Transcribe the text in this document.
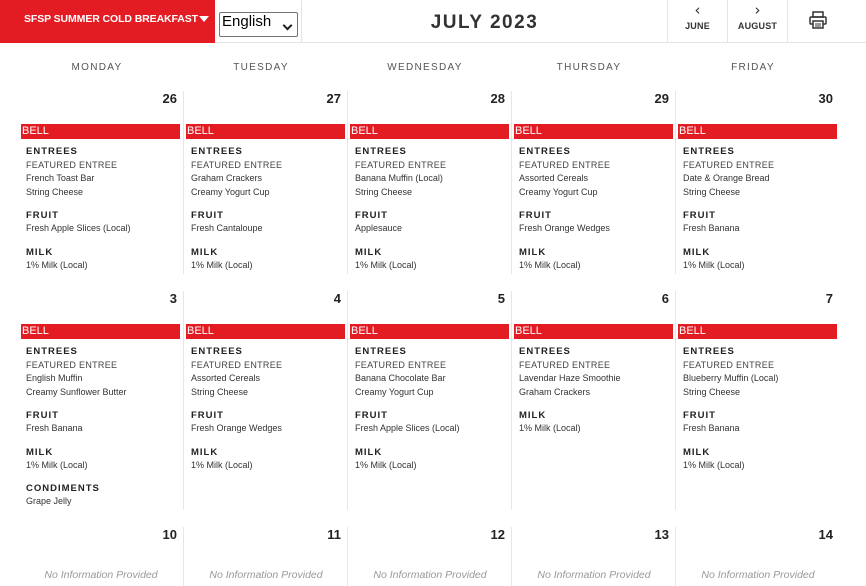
SFSP SUMMER COLD BREAKFAST English	JULY 2023
‹
JUNE
›
AUGUST
MONDAY	TUESDAY	WEDNESDAY	THURSDAY	FRIDAY
26
BELL
ENTREES
FEATURED ENTREE
French Toast Bar
String Cheese
FRUIT
Fresh Apple Slices (Local)
MILK
1% Milk (Local)
27
BELL
ENTREES
FEATURED ENTREE
Graham Crackers
Creamy Yogurt Cup
FRUIT
Fresh Cantaloupe
MILK
1% Milk (Local)
28
BELL
ENTREES
FEATURED ENTREE
Banana Muffin (Local)
String Cheese
FRUIT
Applesauce
MILK
1% Milk (Local)
29
BELL
ENTREES
FEATURED ENTREE
Assorted Cereals
Creamy Yogurt Cup
FRUIT
Fresh Orange Wedges
MILK
1% Milk (Local)
30
BELL
ENTREES
FEATURED ENTREE
Date & Orange Bread
String Cheese
FRUIT
Fresh Banana
MILK
1% Milk (Local)
3
BELL
ENTREES
FEATURED ENTREE
English Muffin
Creamy Sunflower Butter
FRUIT
Fresh Banana
MILK
1% Milk (Local)
CONDIMENTS
Grape Jelly
4
BELL
ENTREES
FEATURED ENTREE
Assorted Cereals
String Cheese
FRUIT
Fresh Orange Wedges
MILK
1% Milk (Local)
5
BELL
ENTREES
FEATURED ENTREE
Banana Chocolate Bar
Creamy Yogurt Cup
FRUIT
Fresh Apple Slices (Local)
MILK
1% Milk (Local)
6
BELL
ENTREES
FEATURED ENTREE
Lavendar Haze Smoothie
Graham Crackers
MILK
1% Milk (Local)
7
BELL
ENTREES
FEATURED ENTREE
Blueberry Muffin (Local)
String Cheese
FRUIT
Fresh Banana
MILK
1% Milk (Local)
10
No Information Provided
11
No Information Provided
12
No Information Provided
13
No Information Provided
14
No Information Provided
